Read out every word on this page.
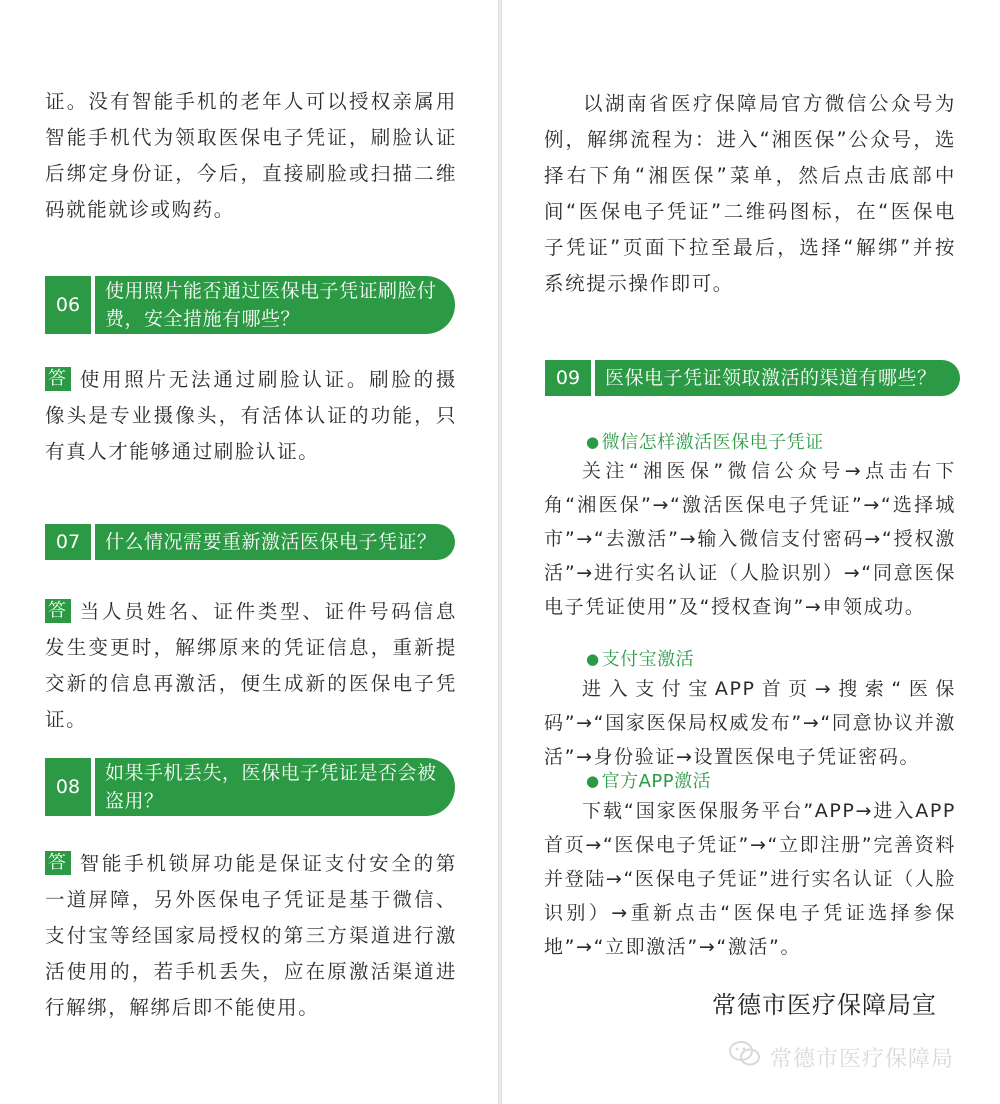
证。没有智能手机的老年人可以授权亲属用智能手机代为领取医保电子凭证，刷脸认证后绑定身份证，今后，直接刷脸或扫描二维码就能就诊或购药。

06
使用照片能否通过医保电子凭证刷脸付费，安全措施有哪些？

答 使用照片无法通过刷脸认证。刷脸的摄像头是专业摄像头，有活体认证的功能，只有真人才能够通过刷脸认证。

07	什么情况需要重新激活医保电子凭证？

答 当人员姓名、证件类型、证件号码信息发生变更时，解绑原来的凭证信息，重新提交新的信息再激活，便生成新的医保电子凭证。

08
如果手机丢失，医保电子凭证是否会被盗用？

答 智能手机锁屏功能是保证支付安全的第一道屏障，另外医保电子凭证是基于微信、支付宝等经国家局授权的第三方渠道进行激活使用的，若手机丢失，应在原激活渠道进行解绑，解绑后即不能使用。

以湖南省医疗保障局官方微信公众号为例，解绑流程为：进入“湘医保”公众号，选择右下角“湘医保”菜单，然后点击底部中间“医保电子凭证”二维码图标，在“医保电子凭证”页面下拉至最后，选择“解绑”并按系统提示操作即可。

09	医保电子凭证领取激活的渠道有哪些？

● 微信怎样激活医保电子凭证

关注“湘医保”微信公众号→点击右下角“湘医保”→“激活医保电子凭证”→“选择城市”→“去激活”→输入微信支付密码→“授权激活”→进行实名认证（人脸识别）→“同意医保电子凭证使用”及“授权查询”→申领成功。

● 支付宝激活

进入支付宝APP首页→搜索“医保码”→“国家医保局权威发布”→“同意协议并激活”→身份验证→设置医保电子凭证密码。

● 官方APP激活

下载“国家医保服务平台”APP→进入APP首页→“医保电子凭证”→“立即注册”完善资料并登陆→“医保电子凭证”进行实名认证（人脸识别）→重新点击“医保电子凭证选择参保地”→“立即激活”→“激活”。

常德市医疗保障局宣

常德市医疗保障局
